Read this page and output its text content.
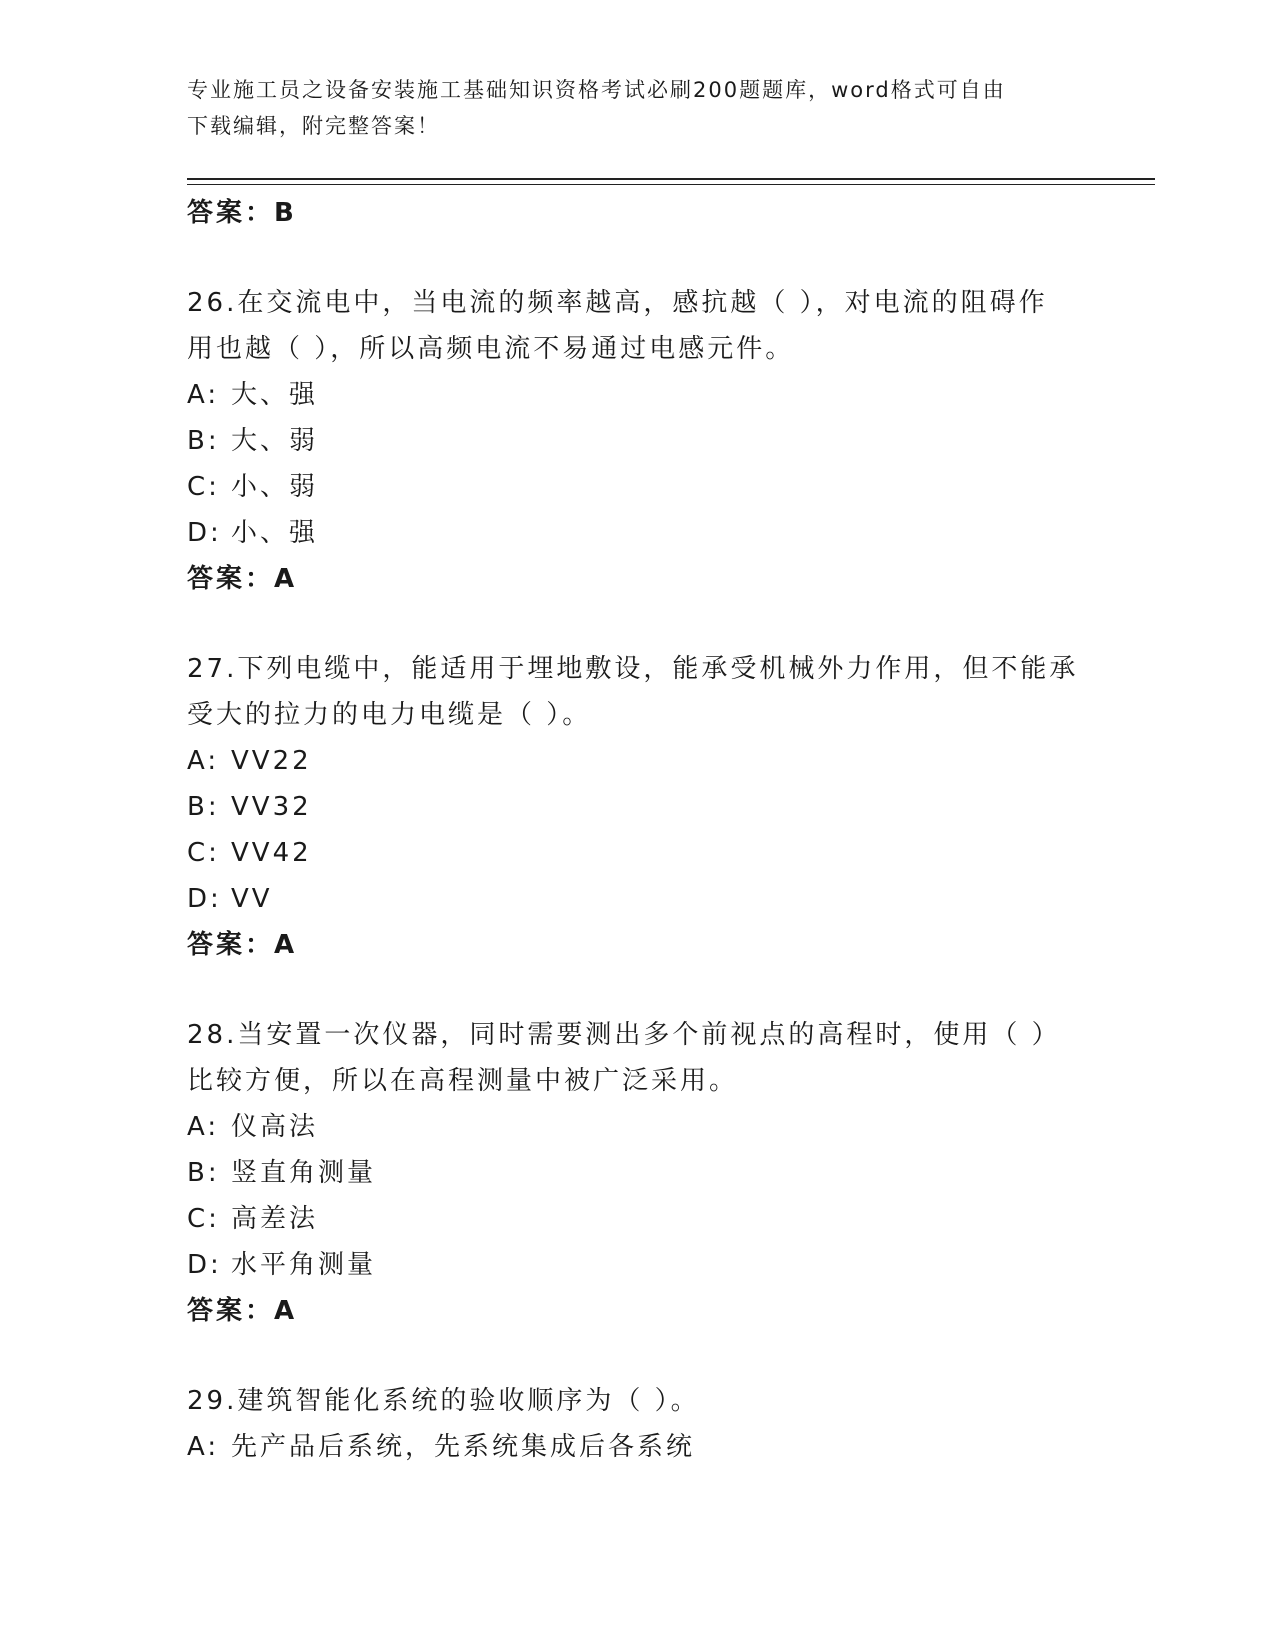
专业施工员之设备安装施工基础知识资格考试必刷200题题库，word格式可自由
下载编辑，附完整答案！
答案：B
26.在交流电中，当电流的频率越高，感抗越（ ），对电流的阻碍作
用也越（ ），所以高频电流不易通过电感元件。
A: 大、强
B: 大、弱
C: 小、弱
D: 小、强
答案：A
27.下列电缆中，能适用于埋地敷设，能承受机械外力作用，但不能承
受大的拉力的电力电缆是（ ）。
A: VV22
B: VV32
C: VV42
D: VV
答案：A
28.当安置一次仪器，同时需要测出多个前视点的高程时，使用（ ）
比较方便，所以在高程测量中被广泛采用。
A: 仪高法
B: 竖直角测量
C: 高差法
D: 水平角测量
答案：A
29.建筑智能化系统的验收顺序为（ ）。
A: 先产品后系统，先系统集成后各系统
